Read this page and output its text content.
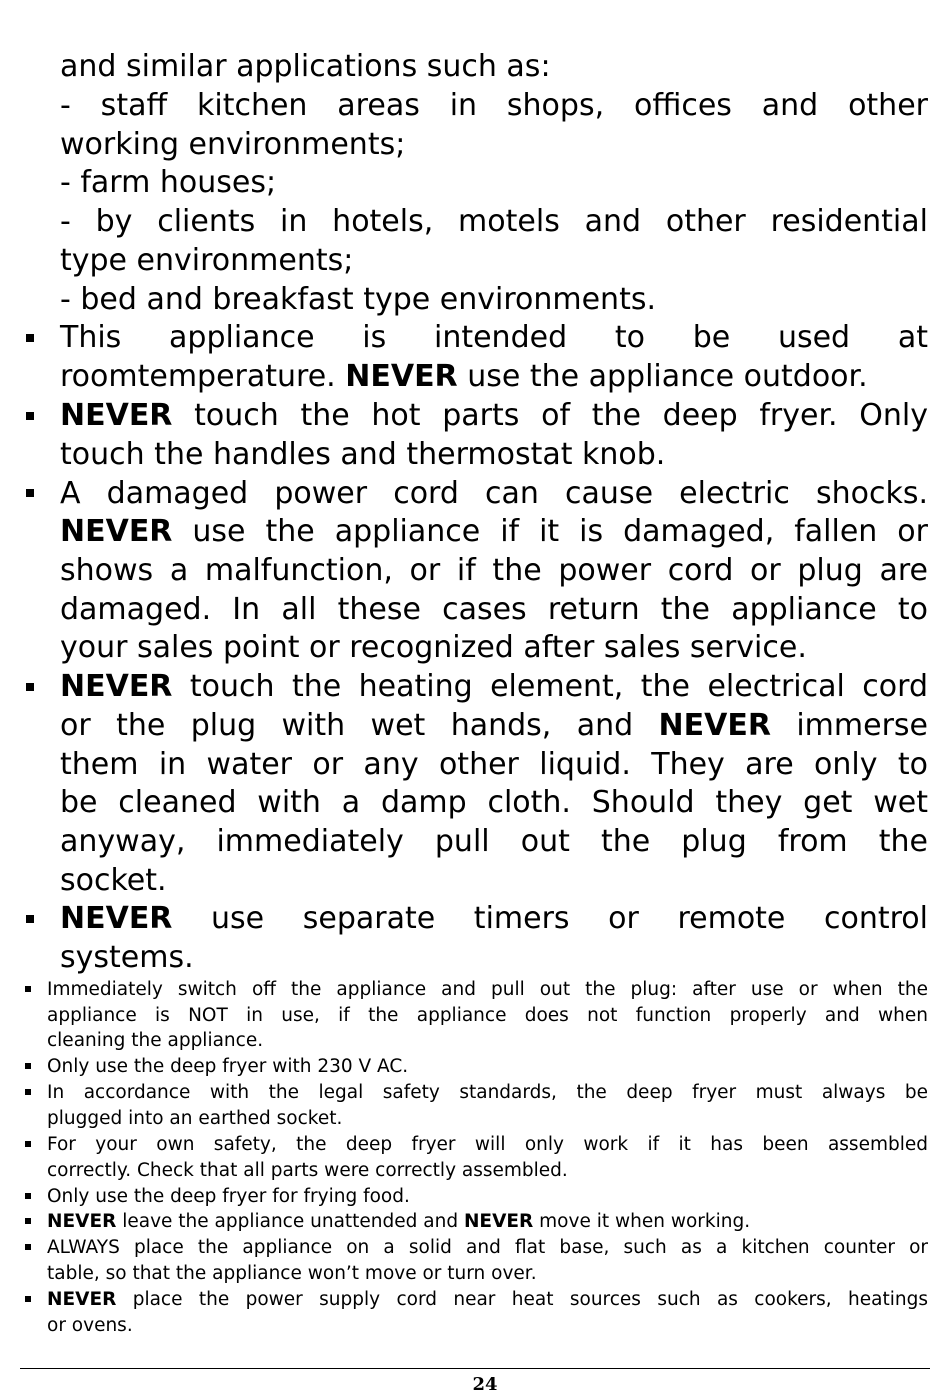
and similar applications such as:

- staff kitchen areas in shops, offices and other

working environments;

- farm houses;

- by clients in hotels, motels and other residential

type environments;

- bed and breakfast type environments.

This appliance is intended to be used at

roomtemperature. NEVER use the appliance outdoor.

NEVER touch the hot parts of the deep fryer. Only

touch the handles and thermostat knob.

A damaged power cord can cause electric shocks.

NEVER use the appliance if it is damaged, fallen or

shows a malfunction, or if the power cord or plug are

damaged. In all these cases return the appliance to

your sales point or recognized after sales service.

NEVER touch the heating element, the electrical cord

or the plug with wet hands, and NEVER immerse

them in water or any other liquid. They are only to

be cleaned with a damp cloth. Should they get wet

anyway, immediately pull out the plug from the

socket.

NEVER use separate timers or remote control

systems.

Immediately switch off the appliance and pull out the plug: after use or when the

appliance is NOT in use, if the appliance does not function properly and when

cleaning the appliance.

Only use the deep fryer with 230 V AC.

In accordance with the legal safety standards, the deep fryer must always be

plugged into an earthed socket.

For your own safety, the deep fryer will only work if it has been assembled

correctly. Check that all parts were correctly assembled.

Only use the deep fryer for frying food.

NEVER leave the appliance unattended and NEVER move it when working.

ALWAYS place the appliance on a solid and flat base, such as a kitchen counter or

table, so that the appliance won’t move or turn over.

NEVER place the power supply cord near heat sources such as cookers, heatings

or ovens.

24
